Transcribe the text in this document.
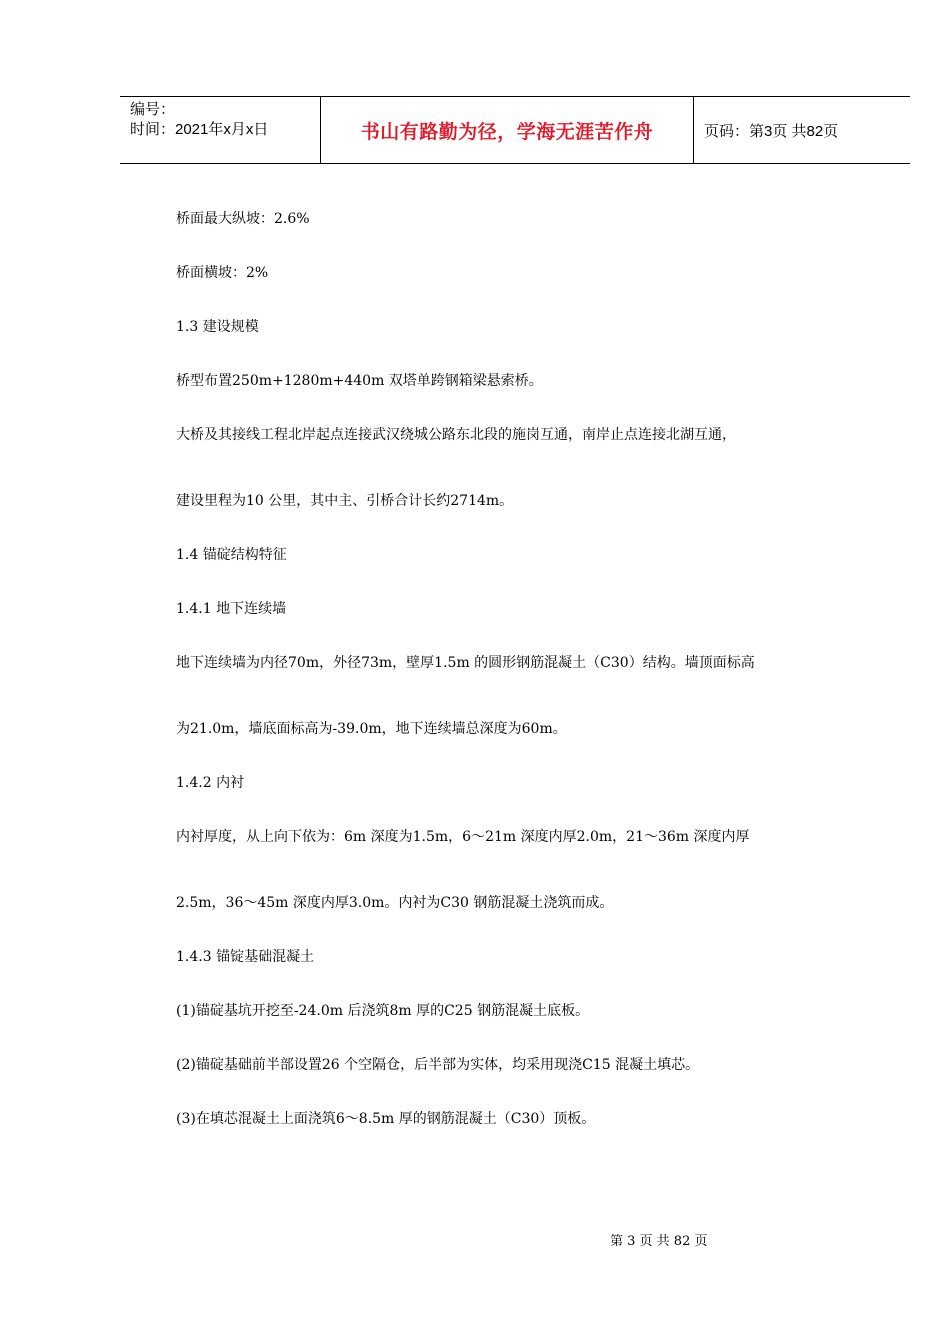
编号：
时间：2021年x月x日	书山有路勤为径，学海无涯苦作舟	页码：第3页 共82页
桥面最大纵坡：2.6%
桥面横坡：2%
1.3 建设规模
桥型布置250m+1280m+440m 双塔单跨钢箱梁悬索桥。
大桥及其接线工程北岸起点连接武汉绕城公路东北段的施岗互通，南岸止点连接北湖互通，
建设里程为10 公里，其中主、引桥合计长约2714m。
1.4 锚碇结构特征
1.4.1 地下连续墙
地下连续墙为内径70m，外径73m，壁厚1.5m 的圆形钢筋混凝土（C30）结构。墙顶面标高
为21.0m，墙底面标高为-39.0m，地下连续墙总深度为60m。
1.4.2 内衬
内衬厚度，从上向下依为：6m 深度为1.5m，6～21m 深度内厚2.0m，21～36m 深度内厚
2.5m，36～45m 深度内厚3.0m。内衬为C30 钢筋混凝土浇筑而成。
1.4.3 锚锭基础混凝土
(1)锚碇基坑开挖至-24.0m 后浇筑8m 厚的C25 钢筋混凝土底板。
(2)锚碇基础前半部设置26 个空隔仓，后半部为实体，均采用现浇C15 混凝土填芯。
(3)在填芯混凝土上面浇筑6～8.5m 厚的钢筋混凝土（C30）顶板。
第 3 页 共 82 页
